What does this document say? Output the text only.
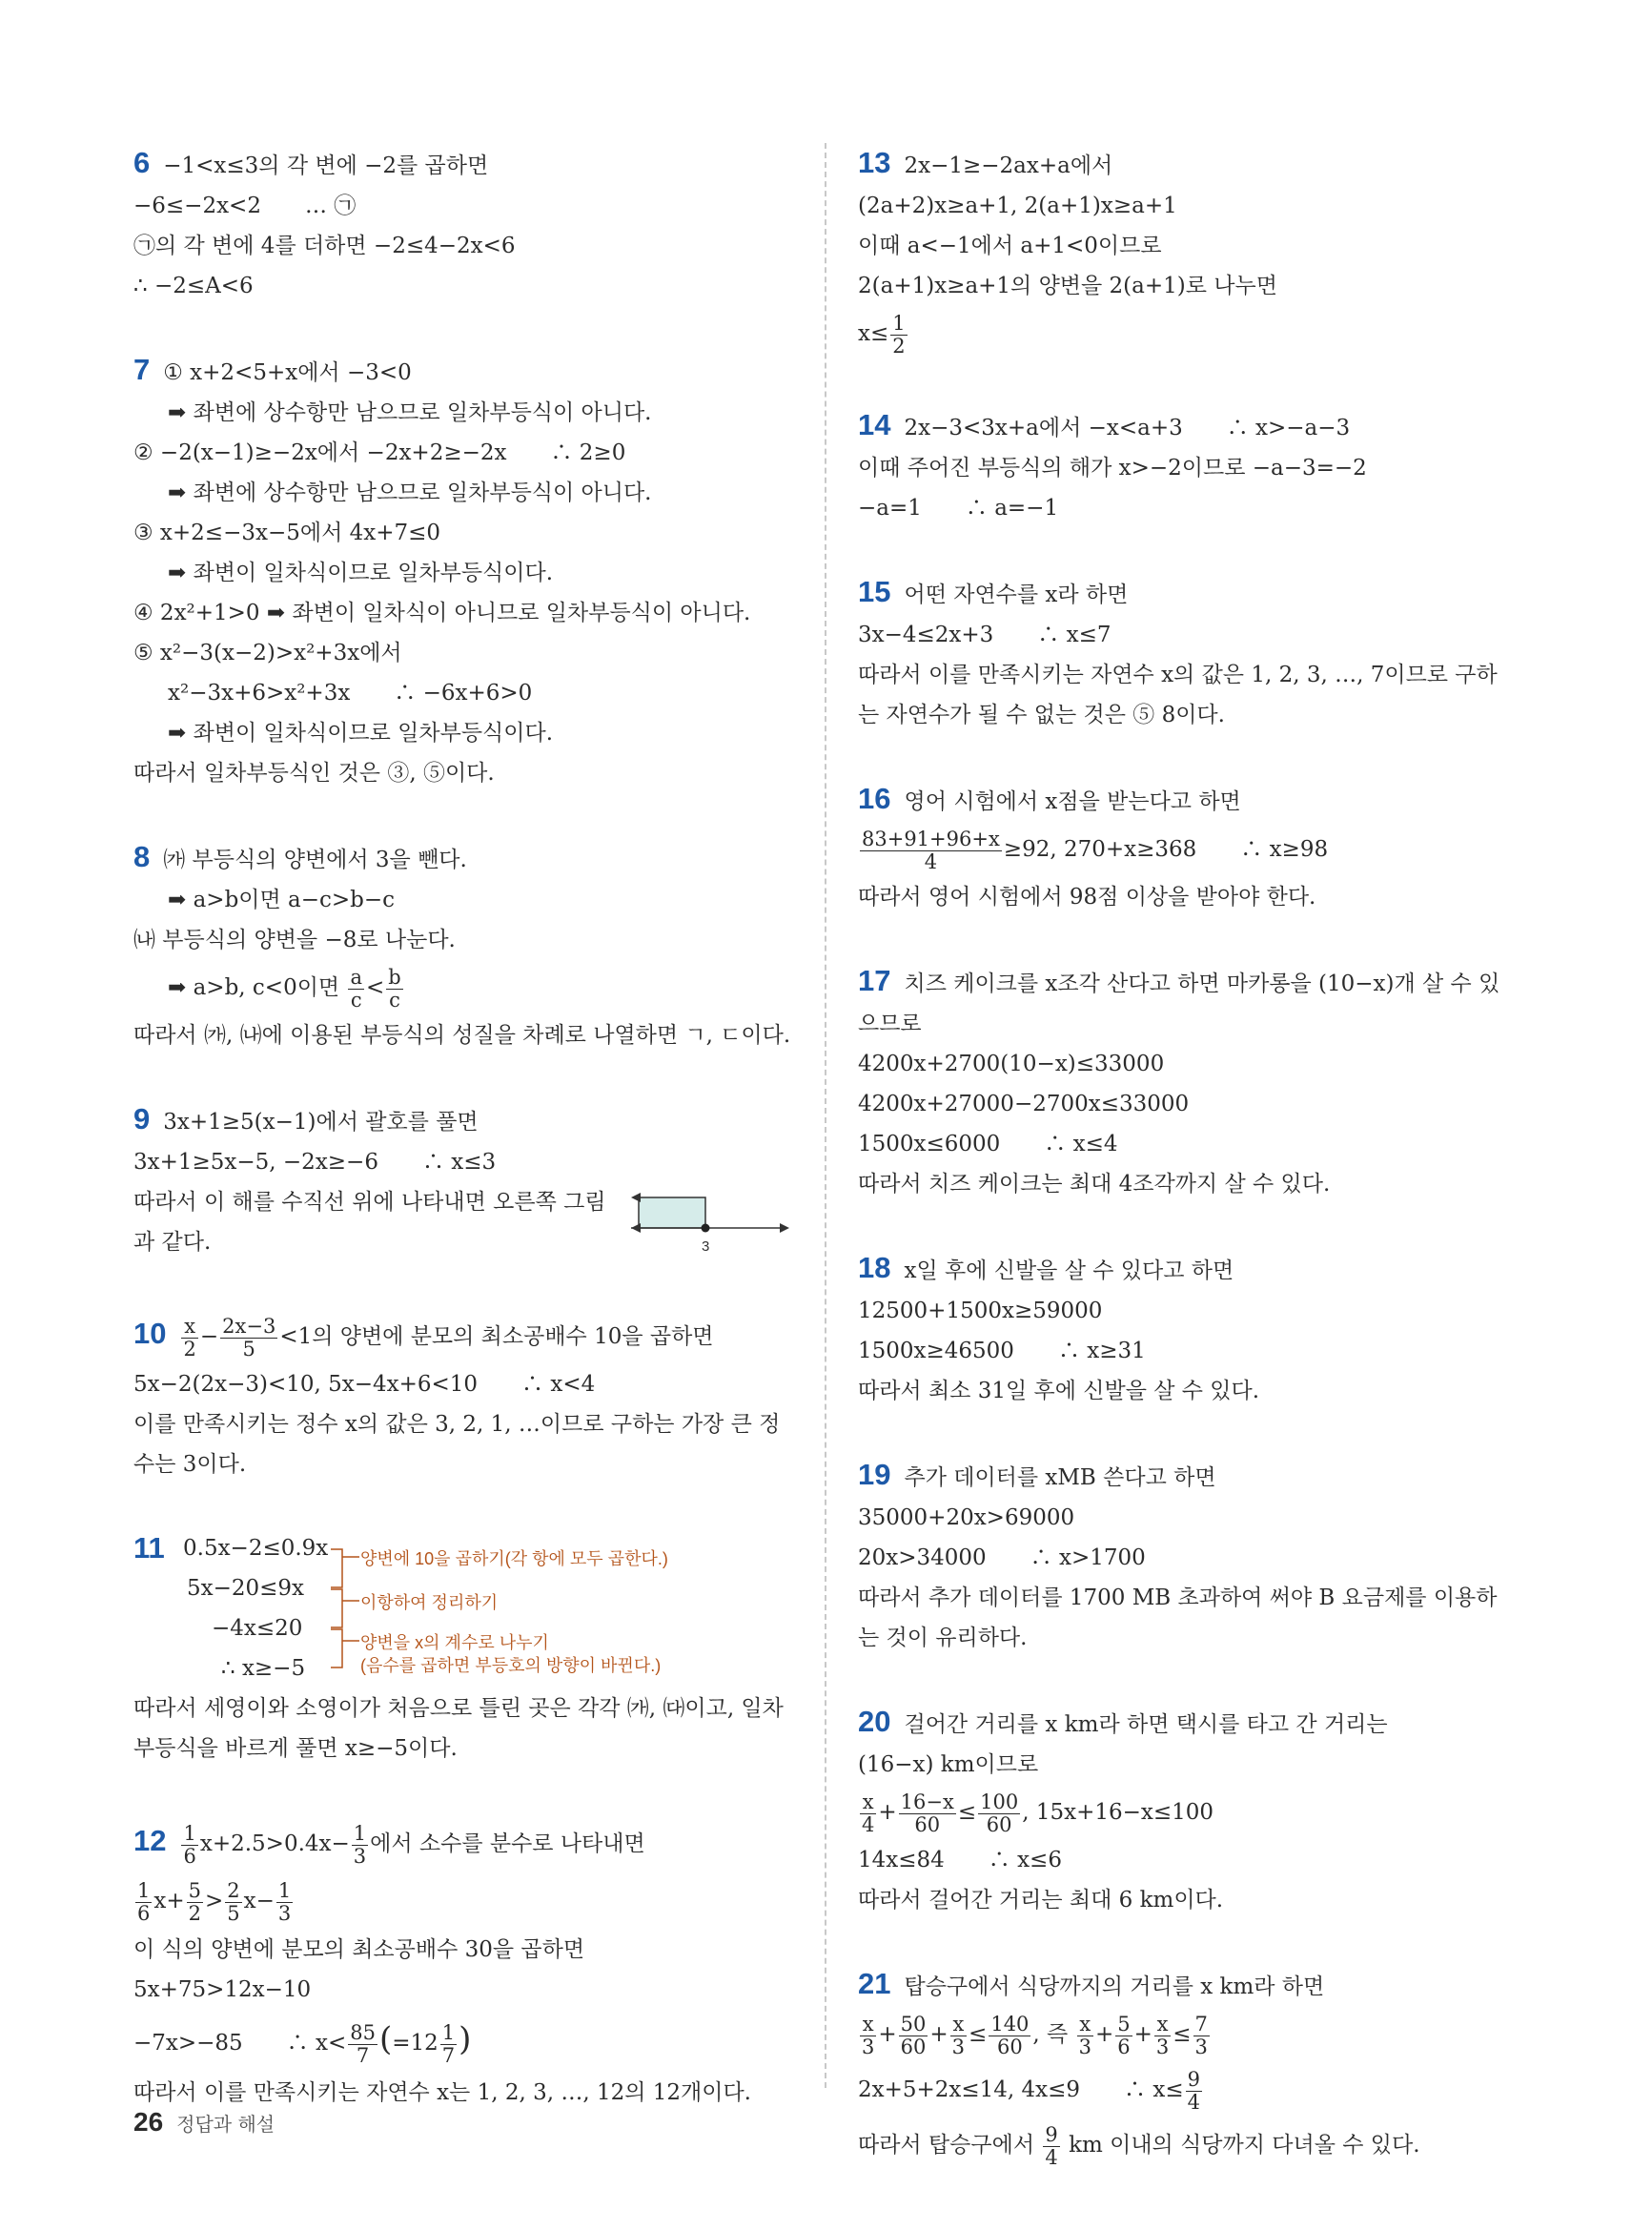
6 −1<x≤3의 각 변에 −2를 곱하면
−6≤−2x<2　　… ㉠
㉠의 각 변에 4를 더하면 −2≤4−2x<6
∴ −2≤A<6
7 ① x+2<5+x에서 −3<0
➡ 좌변에 상수항만 남으므로 일차부등식이 아니다.
② −2(x−1)≥−2x에서 −2x+2≥−2x　　∴ 2≥0
➡ 좌변에 상수항만 남으므로 일차부등식이 아니다.
③ x+2≤−3x−5에서 4x+7≤0
➡ 좌변이 일차식이므로 일차부등식이다.
④ 2x²+1>0 ➡ 좌변이 일차식이 아니므로 일차부등식이 아니다.
⑤ x²−3(x−2)>x²+3x에서
x²−3x+6>x²+3x　　∴ −6x+6>0
➡ 좌변이 일차식이므로 일차부등식이다.
따라서 일차부등식인 것은 ③, ⑤이다.
8 ㈎ 부등식의 양변에서 3을 뺀다.
➡ a>b이면 a−c>b−c
㈏ 부등식의 양변을 −8로 나눈다.
➡ a>b, c<0이면 $\frac{a}{c} < \frac{b}{c}$
따라서 ㈎, ㈏에 이용된 부등식의 성질을 차례로 나열하면 ㄱ, ㄷ이다.
9 3x+1≥5(x−1)에서 괄호를 풀면
3x+1≥5x−5, −2x≥−6　　∴ x≤3
따라서 이 해를 수직선 위에 나타내면 오른쪽 그림과 같다.	3
$10 \frac{x}{2} - \frac{2x-3}{5} <1$의 양변에 분모의 최소공배수 10을 곱하면
5x−2(2x−3)<10, 5x−4x+6<10　　∴ x<4
이를 만족시키는 정수 x의 값은 3, 2, 1, …이므로 구하는 가장 큰 정수는 3이다.
11 0.5x−2≤0.9x
5x−20≤9x
−4x≤20
∴ x≥−5
양변에 10을 곱하기(각 항에 모두 곱한다.)
이항하여 정리하기
양변을 x의 계수로 나누기
(음수를 곱하면 부등호의 방향이 바뀐다.)
따라서 세영이와 소영이가 처음으로 틀린 곳은 각각 ㈎, ㈐이고, 일차부등식을 바르게 풀면 x≥−5이다.
$12 \frac{1}{6} x+2.5>0.4x- \frac{1}{3}$ 에서 소수를 분수로 나타내면
$\frac{1}{6} x+ \frac{5}{2} > \frac{2}{5} x- \frac{1}{3}$
이 식의 양변에 분모의 최소공배수 30을 곱하면
5x+75>12x−10
−7x>−85　　∴ $x< \frac{85}{7} (=12 \frac{1}{7}$ )
따라서 이를 만족시키는 자연수 x는 1, 2, 3, …, 12의 12개이다.
13 2x−1≥−2ax+a에서
(2a+2)x≥a+1, 2(a+1)x≥a+1
이때 a<−1에서 a+1<0이므로
2(a+1)x≥a+1의 양변을 2(a+1)로 나누면
$x\le \frac{1}{2}$
14 2x−3<3x+a에서 −x<a+3　　∴ x>−a−3
이때 주어진 부등식의 해가 x>−2이므로 −a−3=−2
−a=1　　∴ a=−1
15 어떤 자연수를 x라 하면
3x−4≤2x+3　　∴ x≤7
따라서 이를 만족시키는 자연수 x의 값은 1, 2, 3, …, 7이므로 구하는 자연수가 될 수 없는 것은 ⑤ 8이다.
16 영어 시험에서 x점을 받는다고 하면
$\frac{83+91+96+x}{4} \ge 92$, 270+x≥368　　∴ x≥98
따라서 영어 시험에서 98점 이상을 받아야 한다.
17 치즈 케이크를 x조각 산다고 하면 마카롱을 (10−x)개 살 수 있으므로
4200x+2700(10−x)≤33000
4200x+27000−2700x≤33000
1500x≤6000　　∴ x≤4
따라서 치즈 케이크는 최대 4조각까지 살 수 있다.
18 x일 후에 신발을 살 수 있다고 하면
12500+1500x≥59000
1500x≥46500　　∴ x≥31
따라서 최소 31일 후에 신발을 살 수 있다.
19 추가 데이터를 xMB 쓴다고 하면
35000+20x>69000
20x>34000　　∴ x>1700
따라서 추가 데이터를 1700 MB 초과하여 써야 B 요금제를 이용하는 것이 유리하다.
20 걸어간 거리를 x km라 하면 택시를 타고 간 거리는
(16−x) km이므로
$\frac{x}{4} + \frac{16-x}{60} \le \frac{100}{60}$ , 15x+16−x≤100
14x≤84　　∴ x≤6
따라서 걸어간 거리는 최대 6 km이다.
21 탑승구에서 식당까지의 거리를 x km라 하면
$\frac{x}{3} + \frac{50}{60} + \frac{x}{3} \le \frac{140}{60}$ , 즉 $\frac{x}{3} + \frac{5}{6} + \frac{x}{3} \le \frac{7}{3}$
2x+5+2x≤14, 4x≤9　　∴ $x\le \frac{9}{4}$
따라서 탑승구에서 $\frac{9}{4}$ km 이내의 식당까지 다녀올 수 있다.
26 정답과 해설
